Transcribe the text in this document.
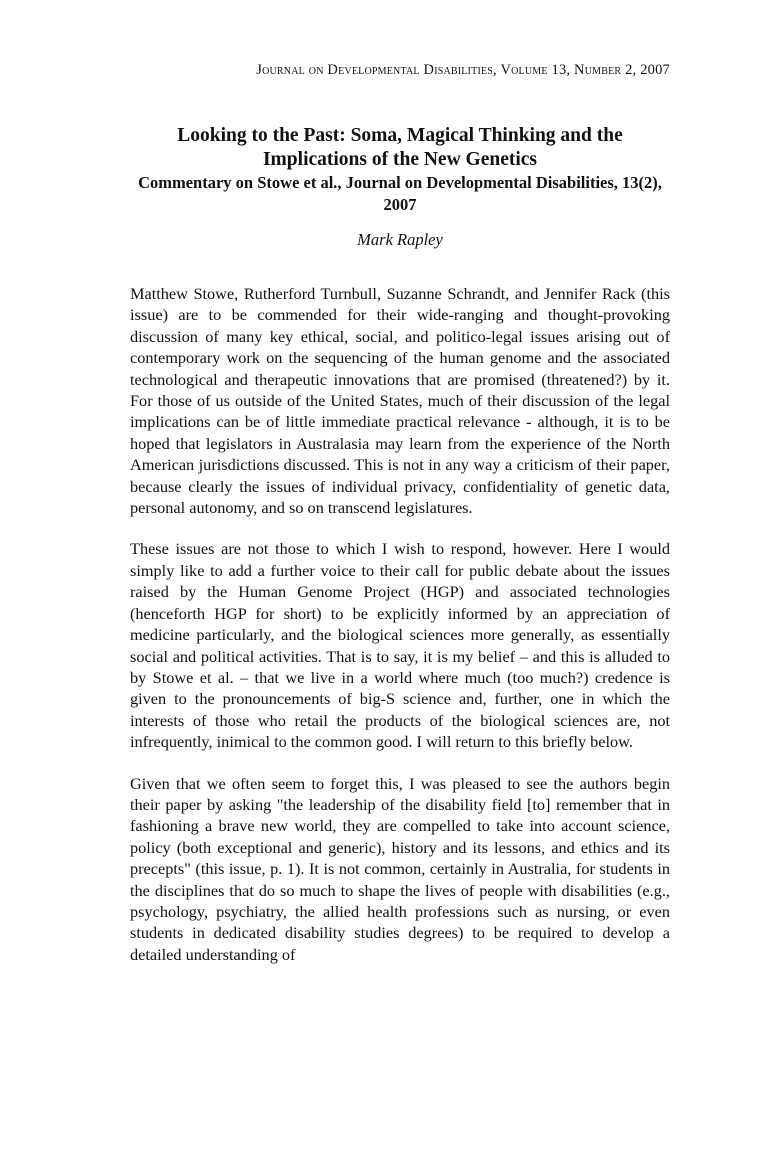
Journal on Developmental Disabilities, Volume 13, Number 2, 2007

Looking to the Past: Soma, Magical Thinking and the Implications of the New Genetics

Commentary on Stowe et al., Journal on Developmental Disabilities, 13(2), 2007

Mark Rapley

Matthew Stowe, Rutherford Turnbull, Suzanne Schrandt, and Jennifer Rack (this issue) are to be commended for their wide-ranging and thought-provoking discussion of many key ethical, social, and politico-legal issues arising out of contemporary work on the sequencing of the human genome and the associated technological and therapeutic innovations that are promised (threatened?) by it. For those of us outside of the United States, much of their discussion of the legal implications can be of little immediate practical relevance - although, it is to be hoped that legislators in Australasia may learn from the experience of the North American jurisdictions discussed. This is not in any way a criticism of their paper, because clearly the issues of individual privacy, confidentiality of genetic data, personal autonomy, and so on transcend legislatures.

These issues are not those to which I wish to respond, however. Here I would simply like to add a further voice to their call for public debate about the issues raised by the Human Genome Project (HGP) and associated technologies (henceforth HGP for short) to be explicitly informed by an appreciation of medicine particularly, and the biological sciences more generally, as essentially social and political activities. That is to say, it is my belief – and this is alluded to by Stowe et al. – that we live in a world where much (too much?) credence is given to the pronouncements of big-S science and, further, one in which the interests of those who retail the products of the biological sciences are, not infrequently, inimical to the common good. I will return to this briefly below.

Given that we often seem to forget this, I was pleased to see the authors begin their paper by asking "the leadership of the disability field [to] remember that in fashioning a brave new world, they are compelled to take into account science, policy (both exceptional and generic), history and its lessons, and ethics and its precepts" (this issue, p. 1). It is not common, certainly in Australia, for students in the disciplines that do so much to shape the lives of people with disabilities (e.g., psychology, psychiatry, the allied health professions such as nursing, or even students in dedicated disability studies degrees) to be required to develop a detailed understanding of
